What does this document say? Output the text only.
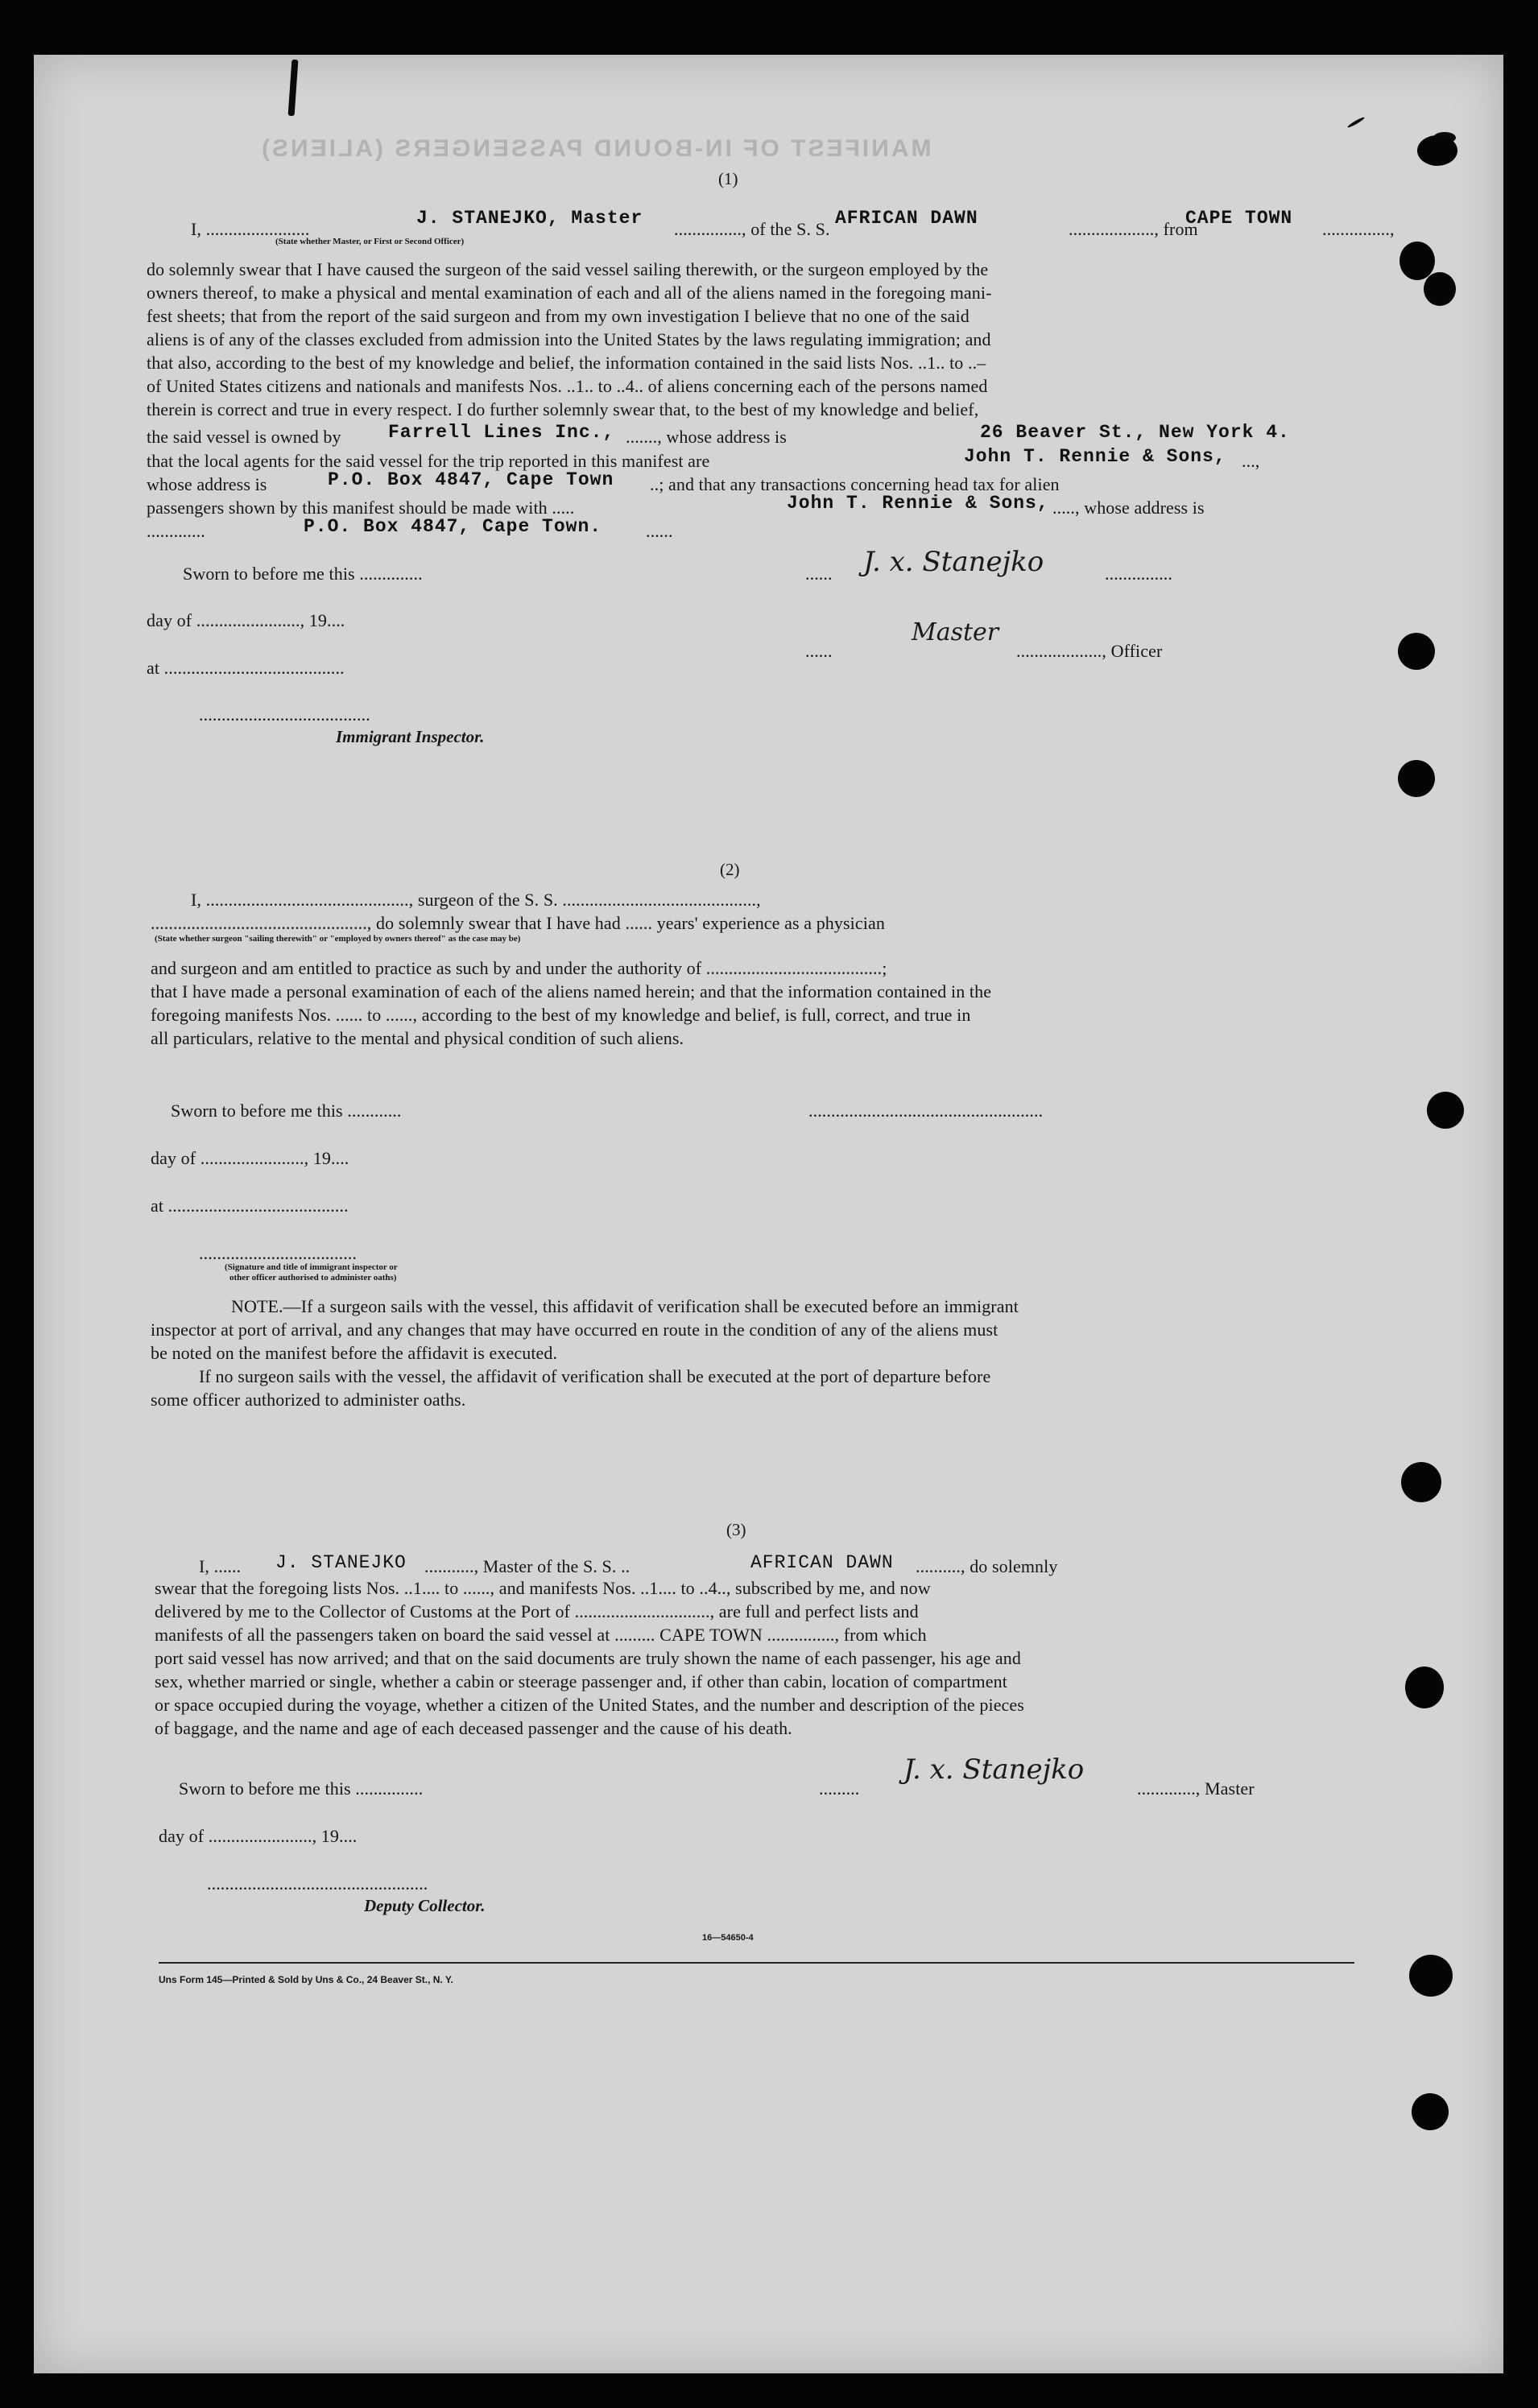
MANIFEST OF IN-BOUND PASSENGERS (ALIENS)
(1)
I, .......................
J. STANEJKO, Master
..............., of the S. S.
AFRICAN DAWN
..................., from
CAPE TOWN
...............,
(State whether Master, or First or Second Officer)
do solemnly swear that I have caused the surgeon of the said vessel sailing therewith, or the surgeon employed by the
owners thereof, to make a physical and mental examination of each and all of the aliens named in the foregoing mani-
fest sheets; that from the report of the said surgeon and from my own investigation I believe that no one of the said
aliens is of any of the classes excluded from admission into the United States by the laws regulating immigration; and
that also, according to the best of my knowledge and belief, the information contained in the said lists Nos. ..1.. to ..–
of United States citizens and nationals and manifests Nos. ..1.. to ..4.. of aliens concerning each of the persons named
therein is correct and true in every respect. I do further solemnly swear that, to the best of my knowledge and belief,
the said vessel is owned by	Farrell Lines Inc., ......., whose address is	26 Beaver St., New York 4.
that the local agents for the said vessel for the trip reported in this manifest are	John T. Rennie & Sons, ...,
whose address is	P.O. Box 4847, Cape Town ..; and that any transactions concerning head tax for alien
passengers shown by this manifest should be made with .....	John T. Rennie & Sons, ....., whose address is
.............	P.O. Box 4847, Cape Town. ......
Sworn to before me this ..............
day of ......................., 19....
at ........................................
......................................
Immigrant Inspector.
...... J. x. Stanejko	...............
......
Master
..................., Officer
(2)
I, ............................................., surgeon of the S. S. ...........................................,
................................................, do solemnly swear that I have had ...... years' experience as a physician
(State whether surgeon "sailing therewith" or "employed by owners thereof" as the case may be)
and surgeon and am entitled to practice as such by and under the authority of .......................................;
that I have made a personal examination of each of the aliens named herein; and that the information contained in the
foregoing manifests Nos. ...... to ......, according to the best of my knowledge and belief, is full, correct, and true in
all particulars, relative to the mental and physical condition of such aliens.
Sworn to before me this ............	....................................................
day of ......................., 19....
at ........................................
...................................
(Signature and title of immigrant inspector or
other officer authorised to administer oaths)
NOTE.—If a surgeon sails with the vessel, this affidavit of verification shall be executed before an immigrant
inspector at port of arrival, and any changes that may have occurred en route in the condition of any of the aliens must
be noted on the manifest before the affidavit is executed.
If no surgeon sails with the vessel, the affidavit of verification shall be executed at the port of departure before
some officer authorized to administer oaths.
(3)
I, ...... J. STANEJKO ..........., Master of the S. S. ..	AFRICAN DAWN .........., do solemnly
swear that the foregoing lists Nos. ..1.... to ......, and manifests Nos. ..1.... to ..4.., subscribed by me, and now
delivered by me to the Collector of Customs at the Port of .............................., are full and perfect lists and
manifests of all the passengers taken on board the said vessel at ......... CAPE TOWN ..............., from which
port said vessel has now arrived; and that on the said documents are truly shown the name of each passenger, his age and
sex, whether married or single, whether a cabin or steerage passenger and, if other than cabin, location of compartment
or space occupied during the voyage, whether a citizen of the United States, and the number and description of the pieces
of baggage, and the name and age of each deceased passenger and the cause of his death.
Sworn to before me this ...............	.........
J. x. Stanejko
............., Master
day of ......................., 19....
.................................................
Deputy Collector.
16—54650-4
Uns Form 145—Printed & Sold by Uns & Co., 24 Beaver St., N. Y.
